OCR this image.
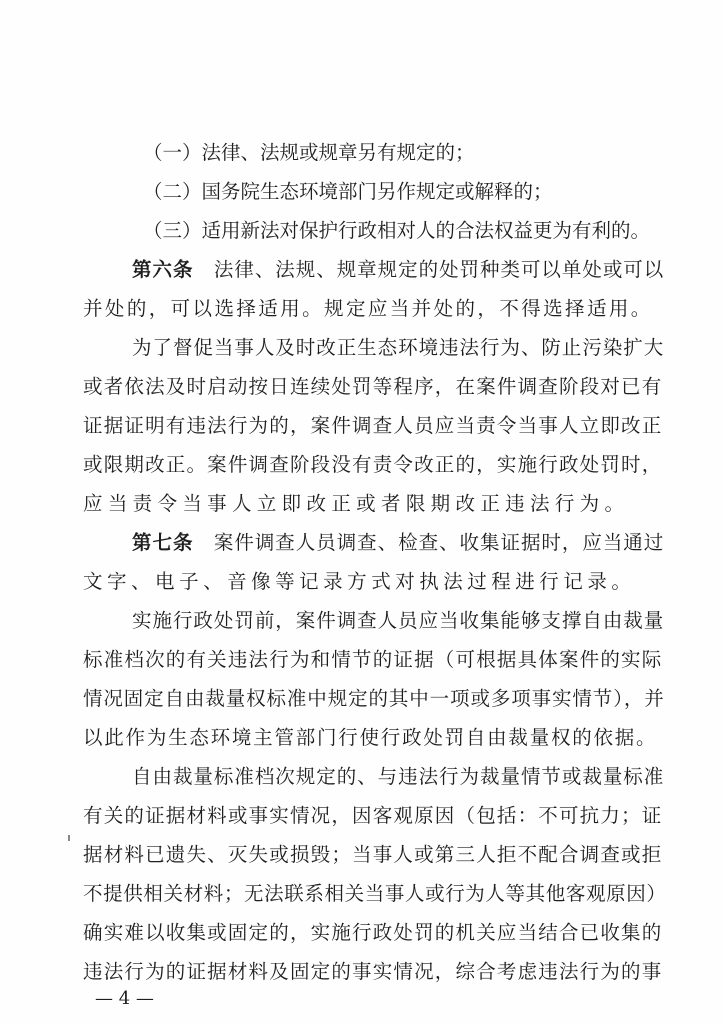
（一）法律、法规或规章另有规定的；
（二）国务院生态环境部门另作规定或解释的；
（三）适用新法对保护行政相对人的合法权益更为有利的。
第六条　法律、法规、规章规定的处罚种类可以单处或可以
并处的，可以选择适用。规定应当并处的，不得选择适用。
为了督促当事人及时改正生态环境违法行为、防止污染扩大
或者依法及时启动按日连续处罚等程序，在案件调查阶段对已有
证据证明有违法行为的，案件调查人员应当责令当事人立即改正
或限期改正。案件调查阶段没有责令改正的，实施行政处罚时，
应当责令当事人立即改正或者限期改正违法行为。
第七条　案件调查人员调查、检查、收集证据时，应当通过
文字、电子、音像等记录方式对执法过程进行记录。
实施行政处罚前，案件调查人员应当收集能够支撑自由裁量
标准档次的有关违法行为和情节的证据（可根据具体案件的实际
情况固定自由裁量权标准中规定的其中一项或多项事实情节），并
以此作为生态环境主管部门行使行政处罚自由裁量权的依据。
自由裁量标准档次规定的、与违法行为裁量情节或裁量标准
有关的证据材料或事实情况，因客观原因（包括：不可抗力；证
据材料已遗失、灭失或损毁；当事人或第三人拒不配合调查或拒
不提供相关材料；无法联系相关当事人或行为人等其他客观原因）
确实难以收集或固定的，实施行政处罚的机关应当结合已收集的
违法行为的证据材料及固定的事实情况，综合考虑违法行为的事
— 4 —
